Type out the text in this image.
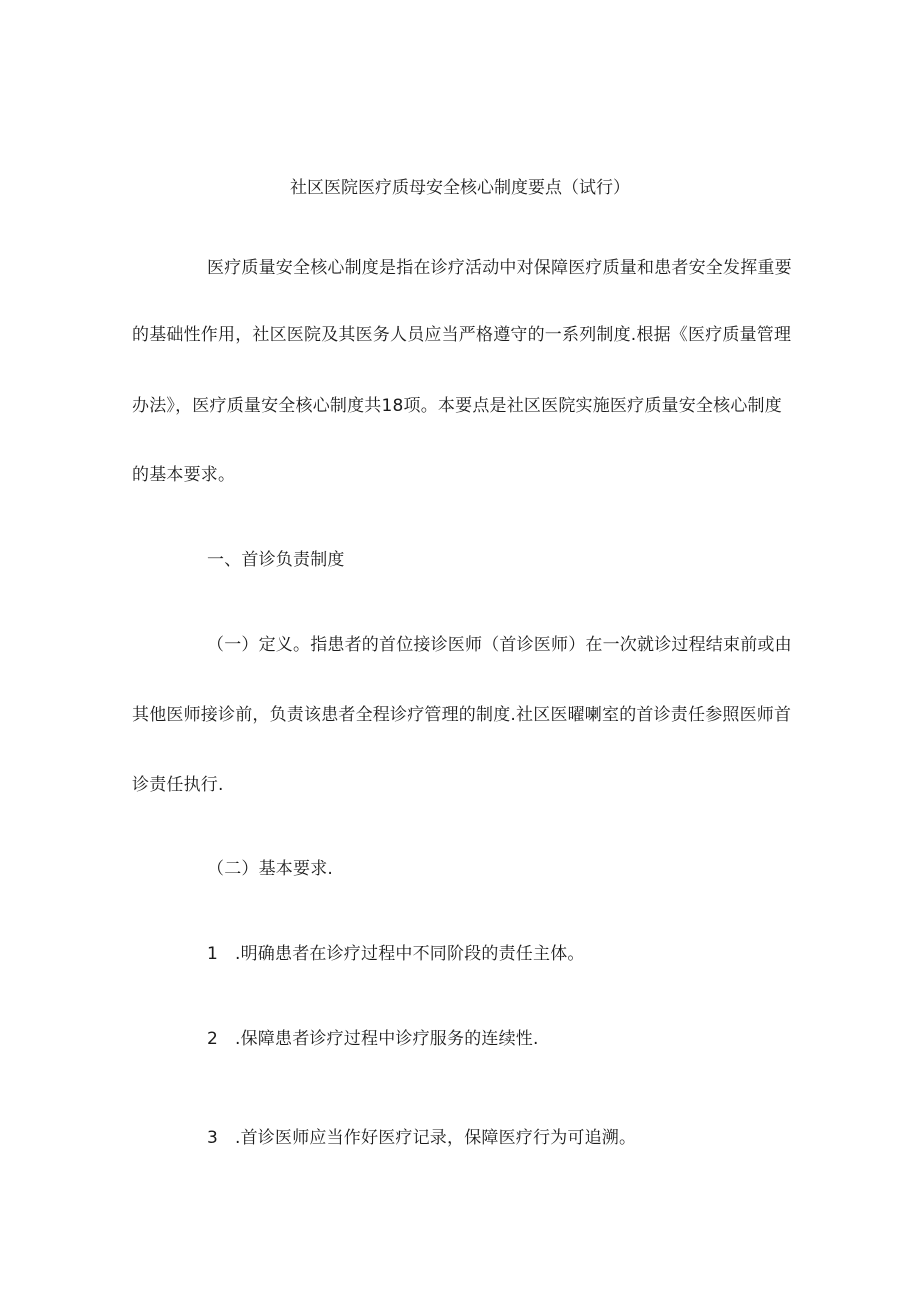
社区医院医疗质母安全核心制度要点（试行）
医疗质量安全核心制度是指在诊疗活动中对保障医疗质量和患者安全发挥重要
的基础性作用，社区医院及其医务人员应当严格遵守的一系列制度.根据《医疗质量管理
办法》，医疗质量安全核心制度共18项。本要点是社区医院实施医疗质量安全核心制度
的基本要求。
一、首诊负责制度
（一）定义。指患者的首位接诊医师（首诊医师）在一次就诊过程结束前或由
其他医师接诊前，负责该患者全程诊疗管理的制度.社区医曜喇室的首诊责任参照医师首
诊责任执行.
（二）基本要求.
1 .明确患者在诊疗过程中不同阶段的责任主体。
2 .保障患者诊疗过程中诊疗服务的连续性.
3 .首诊医师应当作好医疗记录，保障医疗行为可追溯。
